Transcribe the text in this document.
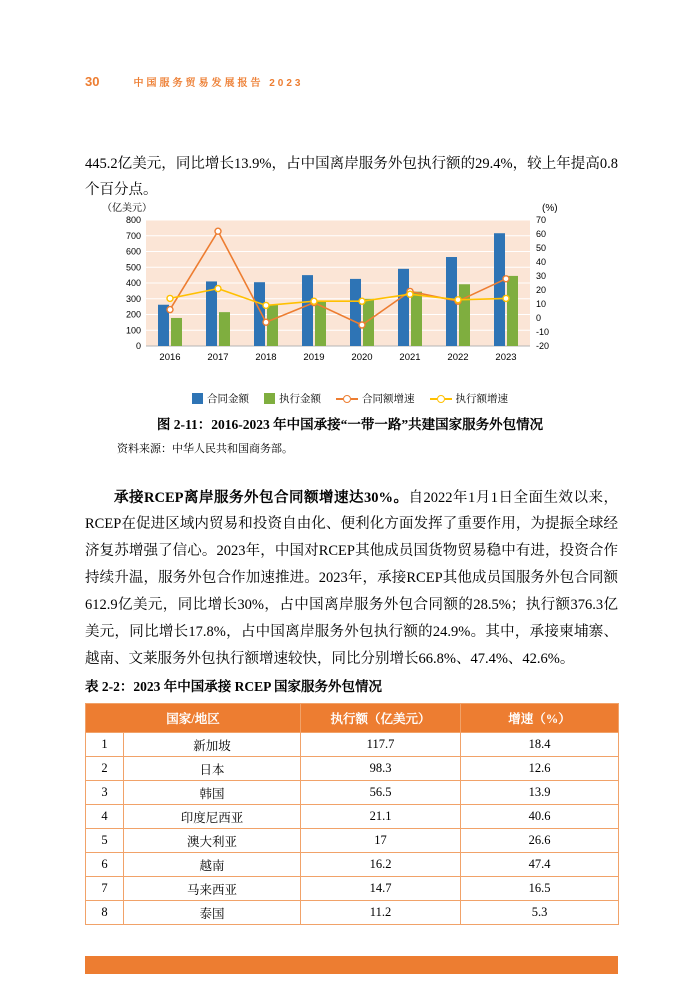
30	中国服务贸易发展报告 2023

445.2亿美元，同比增长13.9%，占中国离岸服务外包执行额的29.4%，较上年提高0.8个百分点。

0
100
200
300
400
500
600
700
800
-20
-10
0
10
20
30
40
50
60
70
（亿美元）	(%)
2016	2017	2018	2019	2020	2021	2022	2023
合同金额	执行金额	合同额增速	执行额增速
图 2-11：2016-2023 年中国承接“一带一路”共建国家服务外包情况
资料来源：中华人民共和国商务部。

承接RCEP离岸服务外包合同额增速达30%。自2022年1月1日全面生效以来，RCEP在促进区域内贸易和投资自由化、便利化方面发挥了重要作用，为提振全球经济复苏增强了信心。2023年，中国对RCEP其他成员国货物贸易稳中有进，投资合作持续升温，服务外包合作加速推进。2023年，承接RCEP其他成员国服务外包合同额612.9亿美元，同比增长30%，占中国离岸服务外包合同额的28.5%；执行额376.3亿美元，同比增长17.8%，占中国离岸服务外包执行额的24.9%。其中，承接柬埔寨、越南、文莱服务外包执行额增速较快，同比分别增长66.8%、47.4%、42.6%。

表 2-2：2023 年中国承接 RCEP 国家服务外包情况
国家/地区		执行额（亿美元）	增速（%）
1	新加坡	117.7	18.4
2	日本	98.3	12.6
3	韩国	56.5	13.9
4	印度尼西亚	21.1	40.6
5	澳大利亚	17	26.6
6	越南	16.2	47.4
7	马来西亚	14.7	16.5
8	泰国	11.2	5.3
